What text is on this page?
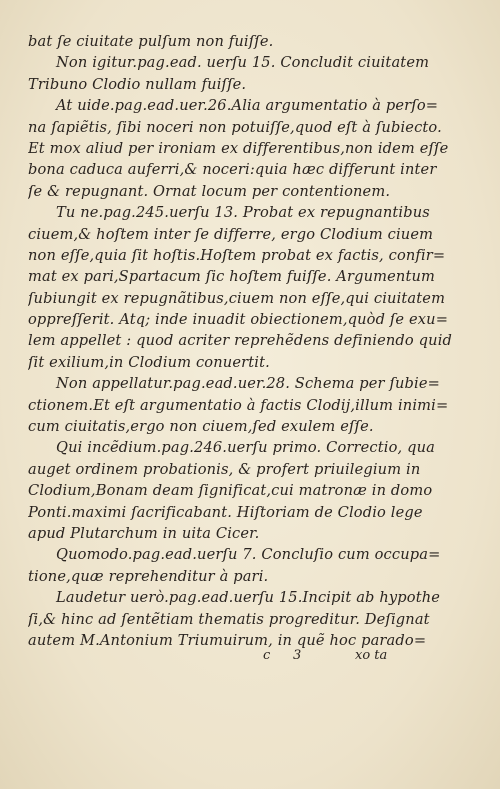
bat ſe ciuitate pulſum non fuiſſe.
Non igitur.pag.ead. uerſu 15. Concludit ciuitatem
Tribuno Clodio nullam fuiſſe.
At uide.pag.ead.uer.26.Alia argumentatio à perſo=
na ſapiẽtis, ſibi noceri non potuiſſe,quod eſt à ſubiecto.
Et mox aliud per ironiam ex differentibus,non idem eſſe
bona caduca auferri,& noceri:quia hæc differunt inter
ſe & repugnant. Ornat locum per contentionem.
Tu ne.pag.245.uerſu 13. Probat ex repugnantibus
ciuem,& hoſtem inter ſe differre, ergo Clodium ciuem
non eſſe,quia ſit hoſtis.Hoſtem probat ex factis, confir=
mat ex pari,Spartacum ſic hoſtem fuiſſe. Argumentum
ſubiungit ex repugnãtibus,ciuem non eſſe,qui ciuitatem
oppreſſerit. Atq; inde inuadit obiectionem,quòd ſe exu=
lem appellet : quod acriter reprehẽdens definiendo quid
ſit exilium,in Clodium conuertit.
Non appellatur.pag.ead.uer.28. Schema per ſubie=
ctionem.Et eſt argumentatio à factis Clodij,illum inimi=
cum ciuitatis,ergo non ciuem,ſed exulem eſſe.
Qui incẽdium.pag.246.uerſu primo. Correctio, qua
auget ordinem probationis, & profert priuilegium in
Clodium,Bonam deam ſignificat,cui matronæ in domo
Ponti.maximi ſacrificabant. Hiſtoriam de Clodio lege
apud Plutarchum in uita Cicer.
Quomodo.pag.ead.uerſu 7. Concluſio cum occupa=
tione,quæ reprehenditur à pari.
Laudetur uerò.pag.ead.uerſu 15.Incipit ab hypothe
ſi,& hinc ad ſentẽtiam thematis progreditur. Deſignat
autem M.Antonium Triumuirum, in quẽ hoc parado=
c 3	xo ta
